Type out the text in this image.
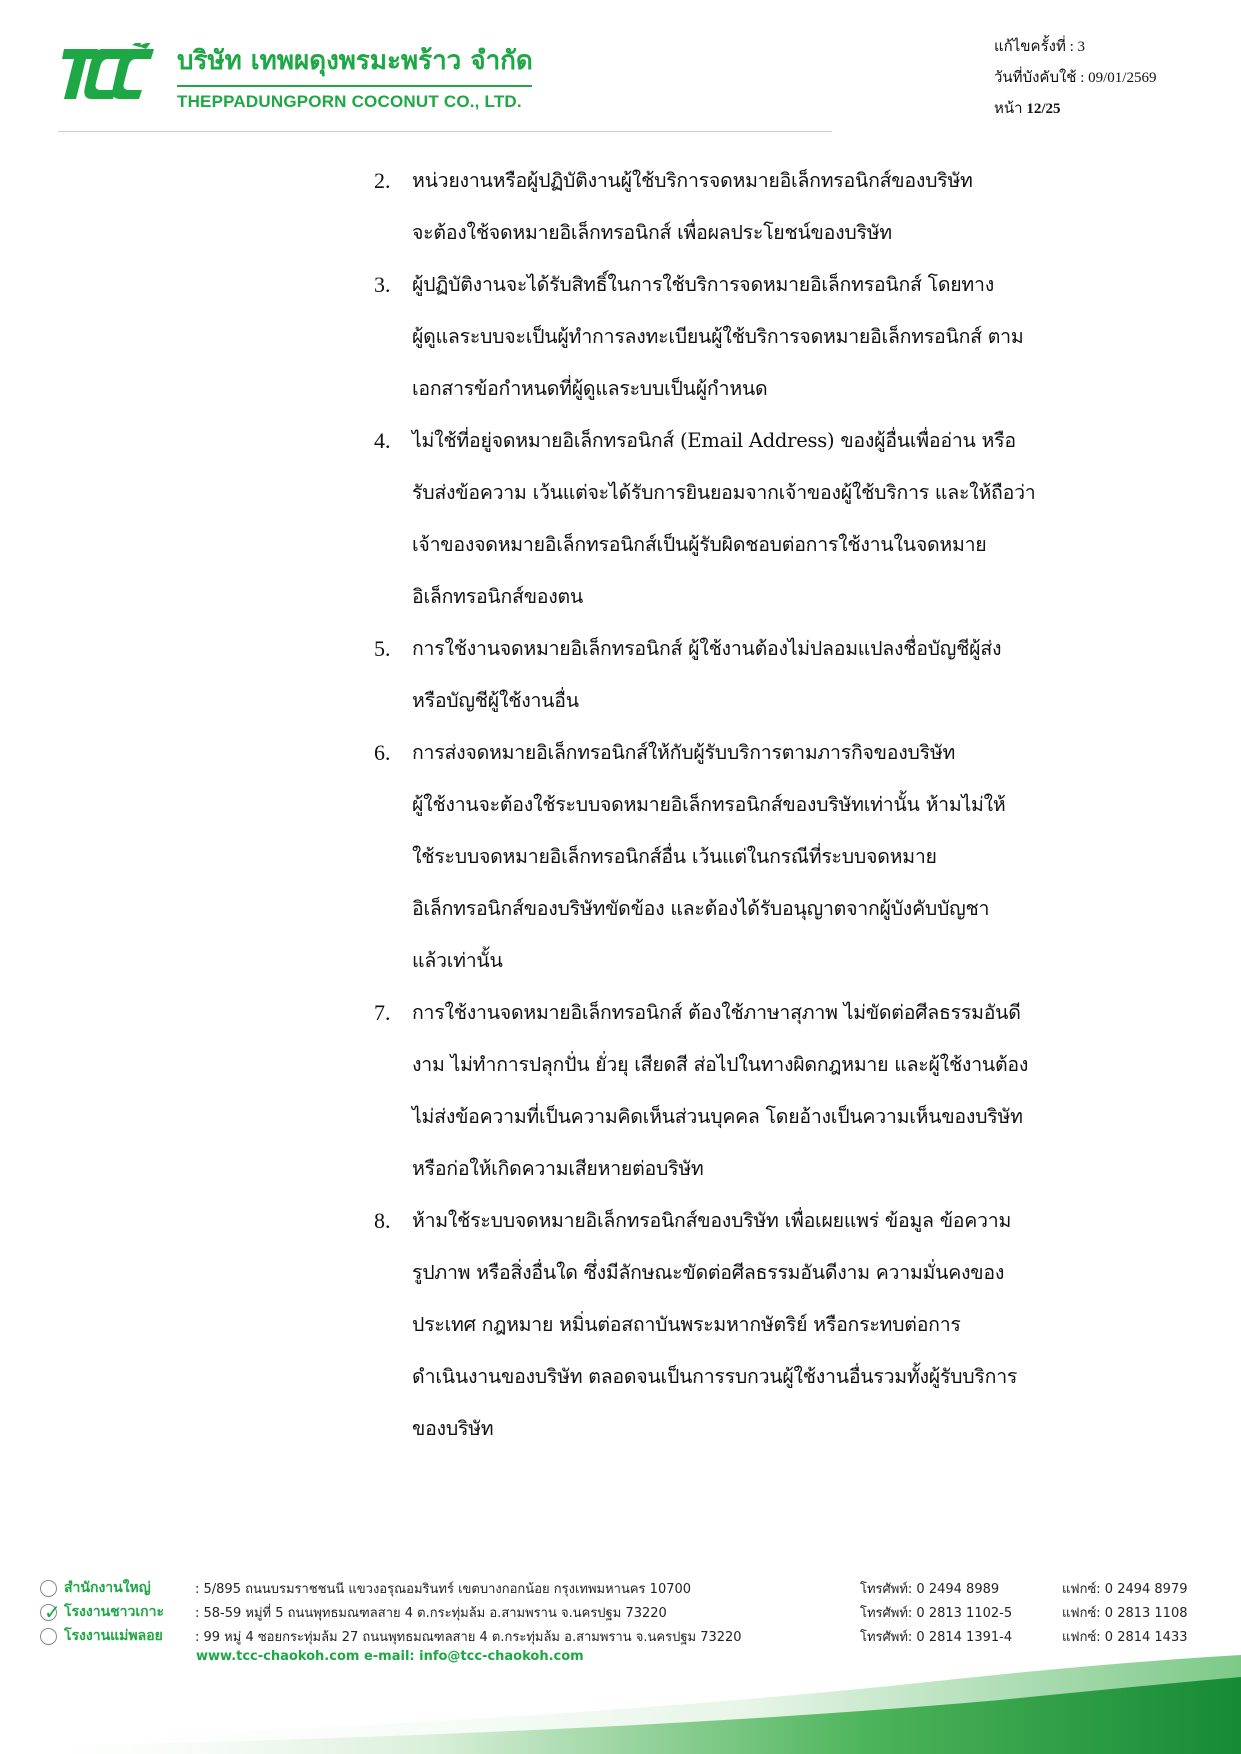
บริษัท เทพผดุงพรมะพร้าว จำกัด
THEPPADUNGPORN COCONUT CO., LTD.
แก้ไขครั้งที่ : 3
วันที่บังคับใช้ : 09/01/2569
หน้า 12/25
2.	หน่วยงานหรือผู้ปฏิบัติงานผู้ใช้บริการจดหมายอิเล็กทรอนิกส์ของบริษัท
จะต้องใช้จดหมายอิเล็กทรอนิกส์ เพื่อผลประโยชน์ของบริษัท
3.	ผู้ปฏิบัติงานจะได้รับสิทธิ์ในการใช้บริการจดหมายอิเล็กทรอนิกส์ โดยทาง
ผู้ดูแลระบบจะเป็นผู้ทำการลงทะเบียนผู้ใช้บริการจดหมายอิเล็กทรอนิกส์ ตาม
เอกสารข้อกำหนดที่ผู้ดูแลระบบเป็นผู้กำหนด
4.	ไม่ใช้ที่อยู่จดหมายอิเล็กทรอนิกส์ (Email Address) ของผู้อื่นเพื่ออ่าน หรือ
รับส่งข้อความ เว้นแต่จะได้รับการยินยอมจากเจ้าของผู้ใช้บริการ และให้ถือว่า
เจ้าของจดหมายอิเล็กทรอนิกส์เป็นผู้รับผิดชอบต่อการใช้งานในจดหมาย
อิเล็กทรอนิกส์ของตน
5.	การใช้งานจดหมายอิเล็กทรอนิกส์ ผู้ใช้งานต้องไม่ปลอมแปลงชื่อบัญชีผู้ส่ง
หรือบัญชีผู้ใช้งานอื่น
6.	การส่งจดหมายอิเล็กทรอนิกส์ให้กับผู้รับบริการตามภารกิจของบริษัท
ผู้ใช้งานจะต้องใช้ระบบจดหมายอิเล็กทรอนิกส์ของบริษัทเท่านั้น ห้ามไม่ให้
ใช้ระบบจดหมายอิเล็กทรอนิกส์อื่น เว้นแต่ในกรณีที่ระบบจดหมาย
อิเล็กทรอนิกส์ของบริษัทขัดข้อง และต้องได้รับอนุญาตจากผู้บังคับบัญชา
แล้วเท่านั้น
7.	การใช้งานจดหมายอิเล็กทรอนิกส์ ต้องใช้ภาษาสุภาพ ไม่ขัดต่อศีลธรรมอันดี
งาม ไม่ทำการปลุกปั่น ยั่วยุ เสียดสี ส่อไปในทางผิดกฎหมาย และผู้ใช้งานต้อง
ไม่ส่งข้อความที่เป็นความคิดเห็นส่วนบุคคล โดยอ้างเป็นความเห็นของบริษัท
หรือก่อให้เกิดความเสียหายต่อบริษัท
8.	ห้ามใช้ระบบจดหมายอิเล็กทรอนิกส์ของบริษัท เพื่อเผยแพร่ ข้อมูล ข้อความ
รูปภาพ หรือสิ่งอื่นใด ซึ่งมีลักษณะขัดต่อศีลธรรมอันดีงาม ความมั่นคงของ
ประเทศ กฎหมาย หมิ่นต่อสถาบันพระมหากษัตริย์ หรือกระทบต่อการ
ดำเนินงานของบริษัท ตลอดจนเป็นการรบกวนผู้ใช้งานอื่นรวมทั้งผู้รับบริการ
ของบริษัท
สำนักงานใหญ่	: 5/895 ถนนบรมราชชนนี แขวงอรุณอมรินทร์ เขตบางกอกน้อย กรุงเทพมหานคร 10700	โทรศัพท์: 0 2494 8989	แฟกซ์: 0 2494 8979
✓ โรงงานชาวเกาะ : 58-59 หมู่ที่ 5 ถนนพุทธมณฑลสาย 4 ต.กระทุ่มล้ม อ.สามพราน จ.นครปฐม 73220	โทรศัพท์: 0 2813 1102-5	แฟกซ์: 0 2813 1108
โรงงานแม่พลอย : 99 หมู่ 4 ซอยกระทุ่มล้ม 27 ถนนพุทธมณฑลสาย 4 ต.กระทุ่มล้ม อ.สามพราน จ.นครปฐม 73220	โทรศัพท์: 0 2814 1391-4	แฟกซ์: 0 2814 1433
www.tcc-chaokoh.com e-mail: info@tcc-chaokoh.com
